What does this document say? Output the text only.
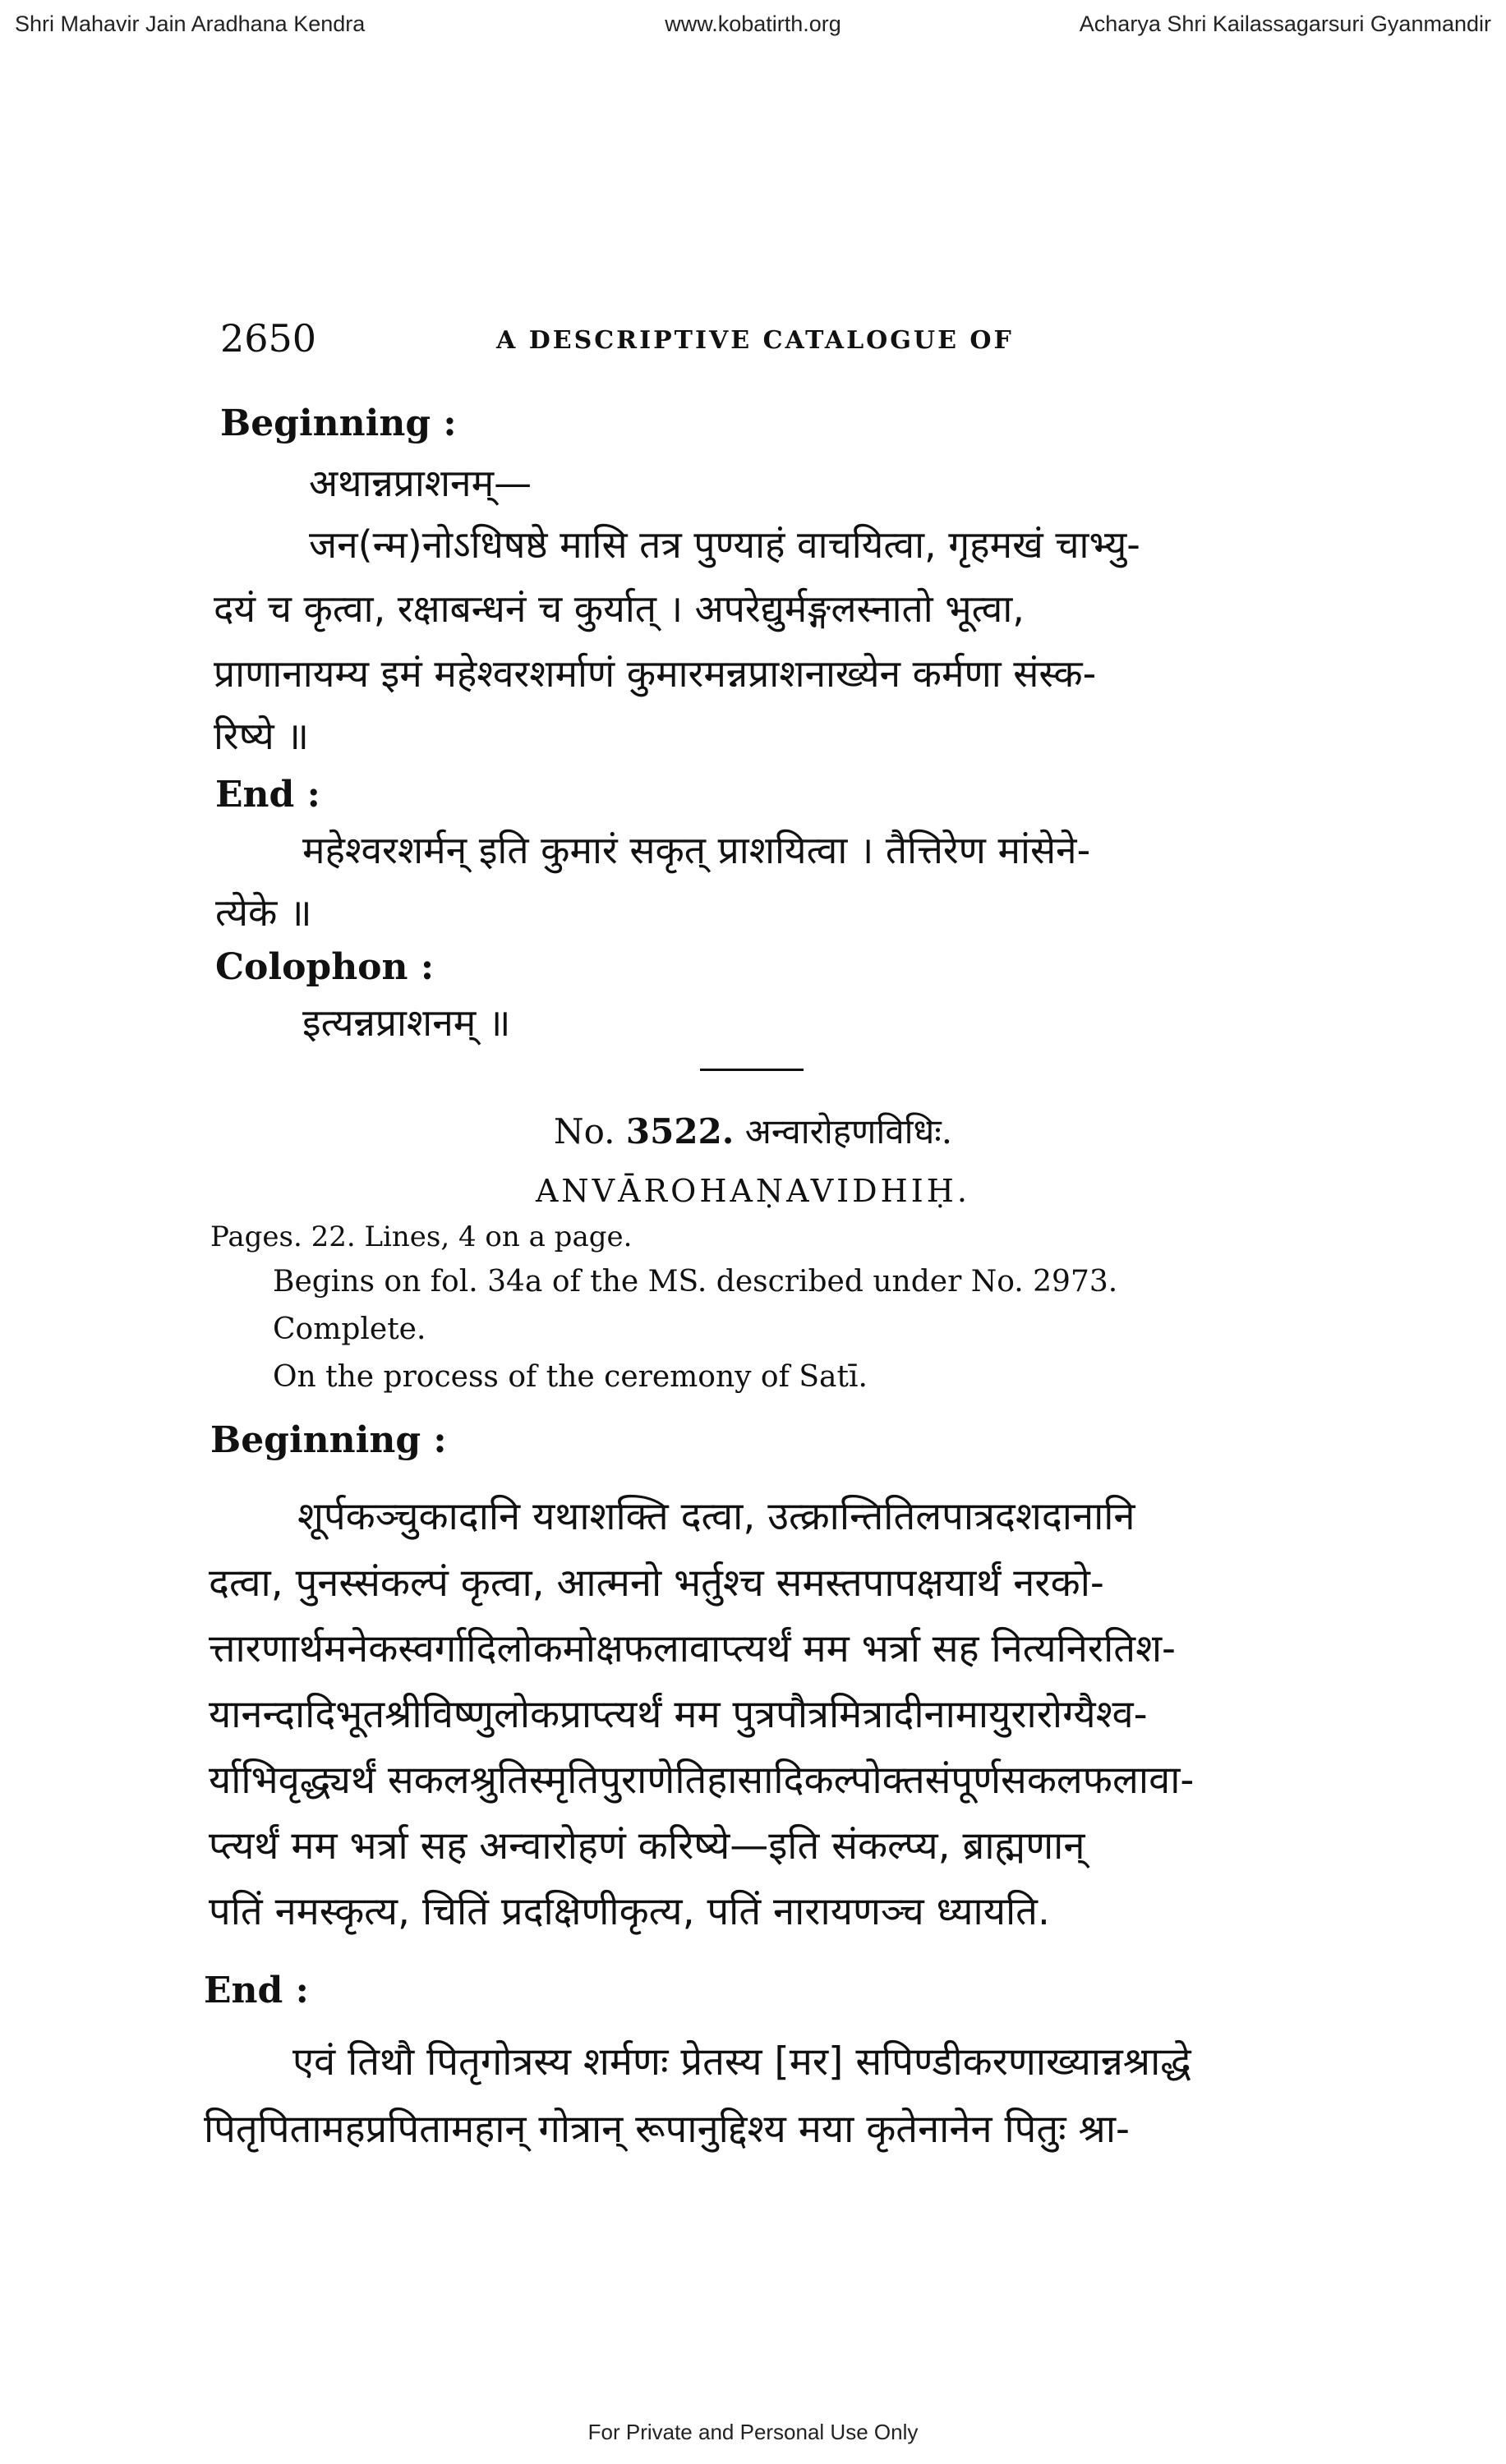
Shri Mahavir Jain Aradhana Kendra	www.kobatirth.org	Acharya Shri Kailassagarsuri Gyanmandir
2650	A DESCRIPTIVE CATALOGUE OF
Beginning :
अथान्नप्राशनम्—
जन(न्म)नोऽधिषष्ठे मासि तत्र पुण्याहं वाचयित्वा, गृहमखं चाभ्यु-
दयं च कृत्वा, रक्षाबन्धनं च कुर्यात् । अपरेद्युर्मङ्गलस्नातो भूत्वा,
प्राणानायम्य इमं महेश्वरशर्माणं कुमारमन्नप्राशनाख्येन कर्मणा संस्क-
रिष्ये ॥
End :
महेश्वरशर्मन् इति कुमारं सकृत् प्राशयित्वा । तैत्तिरेण मांसेने-
त्येके ॥
Colophon :
इत्यन्नप्राशनम् ॥
No. 3522. अन्वारोहणविधिः.
ANVĀROHAṆAVIDHIḤ.
Pages. 22. Lines, 4 on a page.
Begins on fol. 34a of the MS. described under No. 2973.
Complete.
On the process of the ceremony of Satī.
Beginning :
शूर्पकञ्चुकादानि यथाशक्ति दत्वा, उत्क्रान्तितिलपात्रदशदानानि
दत्वा, पुनस्संकल्पं कृत्वा, आत्मनो भर्तुश्च समस्तपापक्षयार्थं नरको-
त्तारणार्थमनेकस्वर्गादिलोकमोक्षफलावाप्त्यर्थं मम भर्त्रा सह नित्यनिरतिश-
यानन्दादिभूतश्रीविष्णुलोकप्राप्त्यर्थं मम पुत्रपौत्रमित्रादीनामायुरारोग्यैश्व-
र्याभिवृद्ध्यर्थं सकलश्रुतिस्मृतिपुराणेतिहासादिकल्पोक्तसंपूर्णसकलफलावा-
प्त्यर्थं मम भर्त्रा सह अन्वारोहणं करिष्ये—इति संकल्प्य, ब्राह्मणान्
पतिं नमस्कृत्य, चितिं प्रदक्षिणीकृत्य, पतिं नारायणञ्च ध्यायति.
End :
एवं तिथौ पितृगोत्रस्य शर्मणः प्रेतस्य [मर] सपिण्डीकरणाख्यान्नश्राद्धे
पितृपितामहप्रपितामहान् गोत्रान् रूपानुद्दिश्य मया कृतेनानेन पितुः श्रा-
For Private and Personal Use Only
